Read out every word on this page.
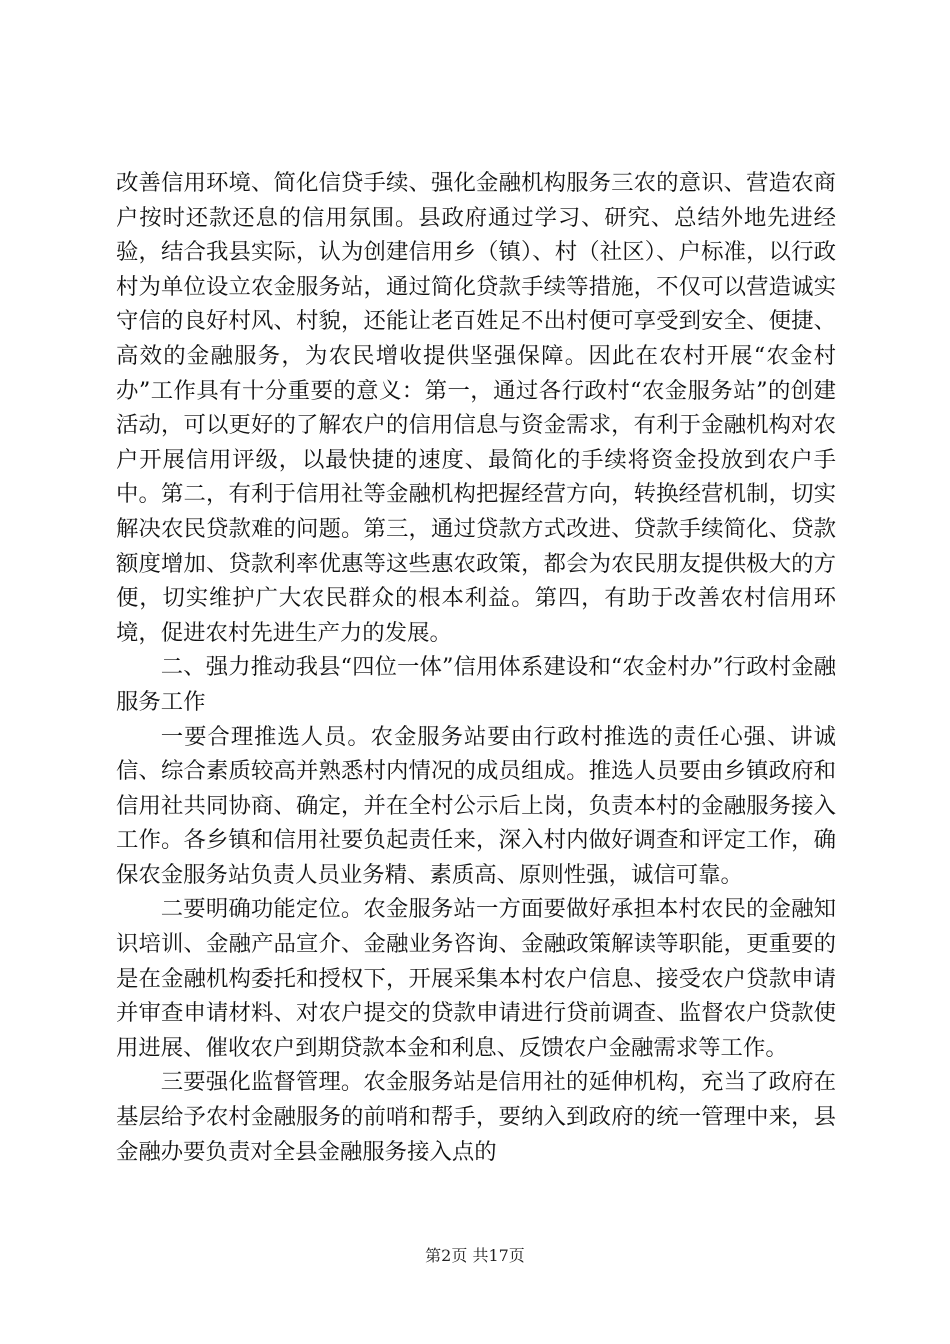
改善信用环境、简化信贷手续、强化金融机构服务三农的意识、营造农商户按时还款还息的信用氛围。县政府通过学习、研究、总结外地先进经验，结合我县实际，认为创建信用乡（镇）、村（社区）、户标准，以行政村为单位设立农金服务站，通过简化贷款手续等措施，不仅可以营造诚实守信的良好村风、村貌，还能让老百姓足不出村便可享受到安全、便捷、高效的金融服务，为农民增收提供坚强保障。因此在农村开展“农金村办”工作具有十分重要的意义：第一，通过各行政村“农金服务站”的创建活动，可以更好的了解农户的信用信息与资金需求，有利于金融机构对农户开展信用评级，以最快捷的速度、最简化的手续将资金投放到农户手中。第二，有利于信用社等金融机构把握经营方向，转换经营机制，切实解决农民贷款难的问题。第三，通过贷款方式改进、贷款手续简化、贷款额度增加、贷款利率优惠等这些惠农政策，都会为农民朋友提供极大的方便，切实维护广大农民群众的根本利益。第四，有助于改善农村信用环境，促进农村先进生产力的发展。

二、强力推动我县“四位一体”信用体系建设和“农金村办”行政村金融服务工作

一要合理推选人员。农金服务站要由行政村推选的责任心强、讲诚信、综合素质较高并熟悉村内情况的成员组成。推选人员要由乡镇政府和信用社共同协商、确定，并在全村公示后上岗，负责本村的金融服务接入工作。各乡镇和信用社要负起责任来，深入村内做好调查和评定工作，确保农金服务站负责人员业务精、素质高、原则性强，诚信可靠。

二要明确功能定位。农金服务站一方面要做好承担本村农民的金融知识培训、金融产品宣介、金融业务咨询、金融政策解读等职能，更重要的是在金融机构委托和授权下，开展采集本村农户信息、接受农户贷款申请并审查申请材料、对农户提交的贷款申请进行贷前调查、监督农户贷款使用进展、催收农户到期贷款本金和利息、反馈农户金融需求等工作。

三要强化监督管理。农金服务站是信用社的延伸机构，充当了政府在基层给予农村金融服务的前哨和帮手，要纳入到政府的统一管理中来，县金融办要负责对全县金融服务接入点的

第2页 共17页
